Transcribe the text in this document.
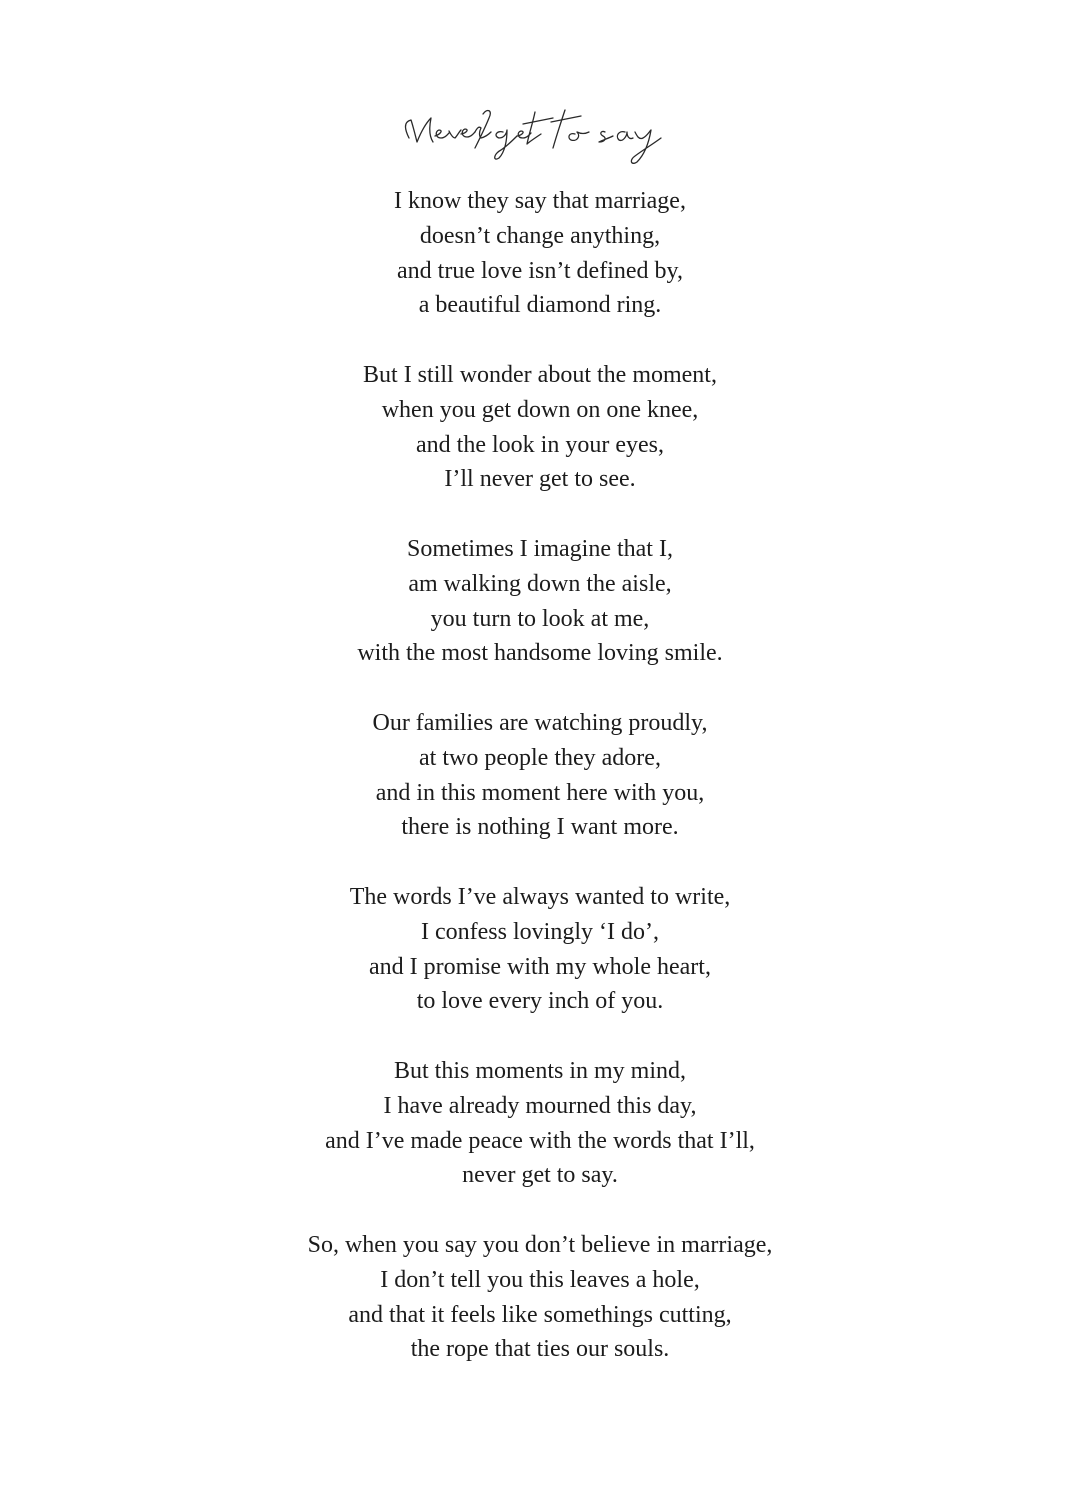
I know they say that marriage,
doesn’t change anything,
and true love isn’t defined by,
a beautiful diamond ring.
But I still wonder about the moment,
when you get down on one knee,
and the look in your eyes,
I’ll never get to see.
Sometimes I imagine that I,
am walking down the aisle,
you turn to look at me,
with the most handsome loving smile.
Our families are watching proudly,
at two people they adore,
and in this moment here with you,
there is nothing I want more.
The words I’ve always wanted to write,
I confess lovingly ‘I do’,
and I promise with my whole heart,
to love every inch of you.
But this moments in my mind,
I have already mourned this day,
and I’ve made peace with the words that I’ll,
never get to say.
So, when you say you don’t believe in marriage,
I don’t tell you this leaves a hole,
and that it feels like somethings cutting,
the rope that ties our souls.
